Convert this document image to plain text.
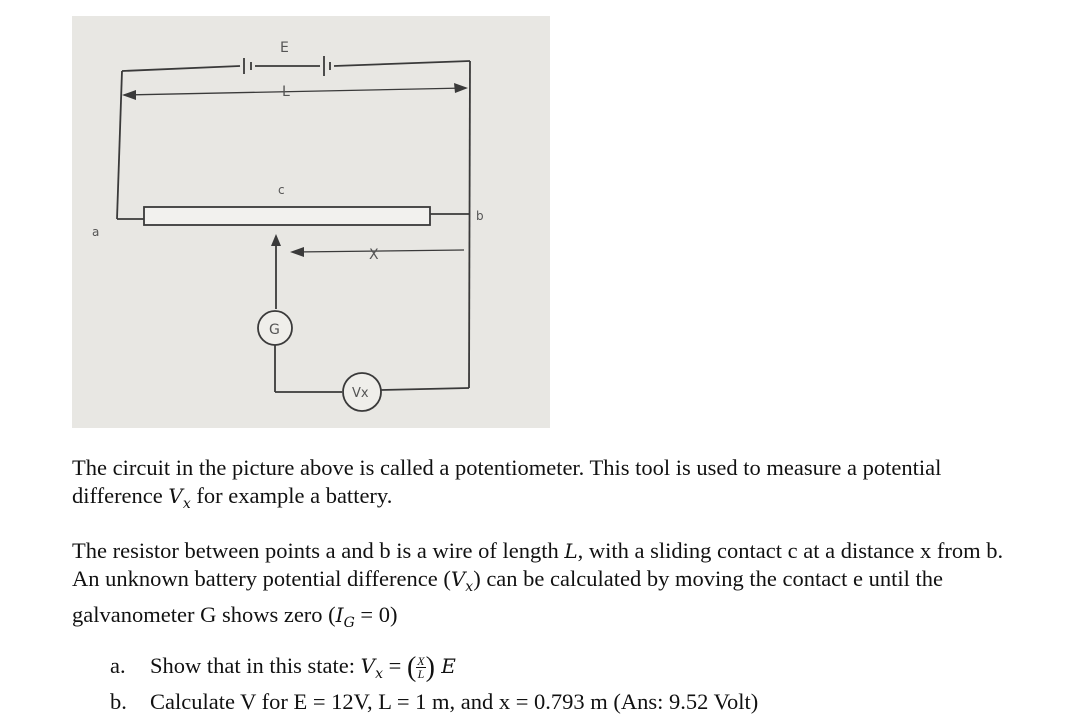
E
L
c
a
b
X
G
Vx

The circuit in the picture above is called a potentiometer. This tool is used to measure a potential difference $V_x$ for example a battery.

The resistor between points a and b is a wire of length L, with a sliding contact c at a distance x from b. An unknown battery potential difference $(V_x)$ can be calculated by moving the contact e until the galvanometer G shows zero $(I_G = 0)$

a.	Show that in this state: $V_x$ = ( $\frac{X}{L}$ ) E
b.	Calculate V for E = 12V, L = 1 m, and x = 0.793 m (Ans: 9.52 Volt)
